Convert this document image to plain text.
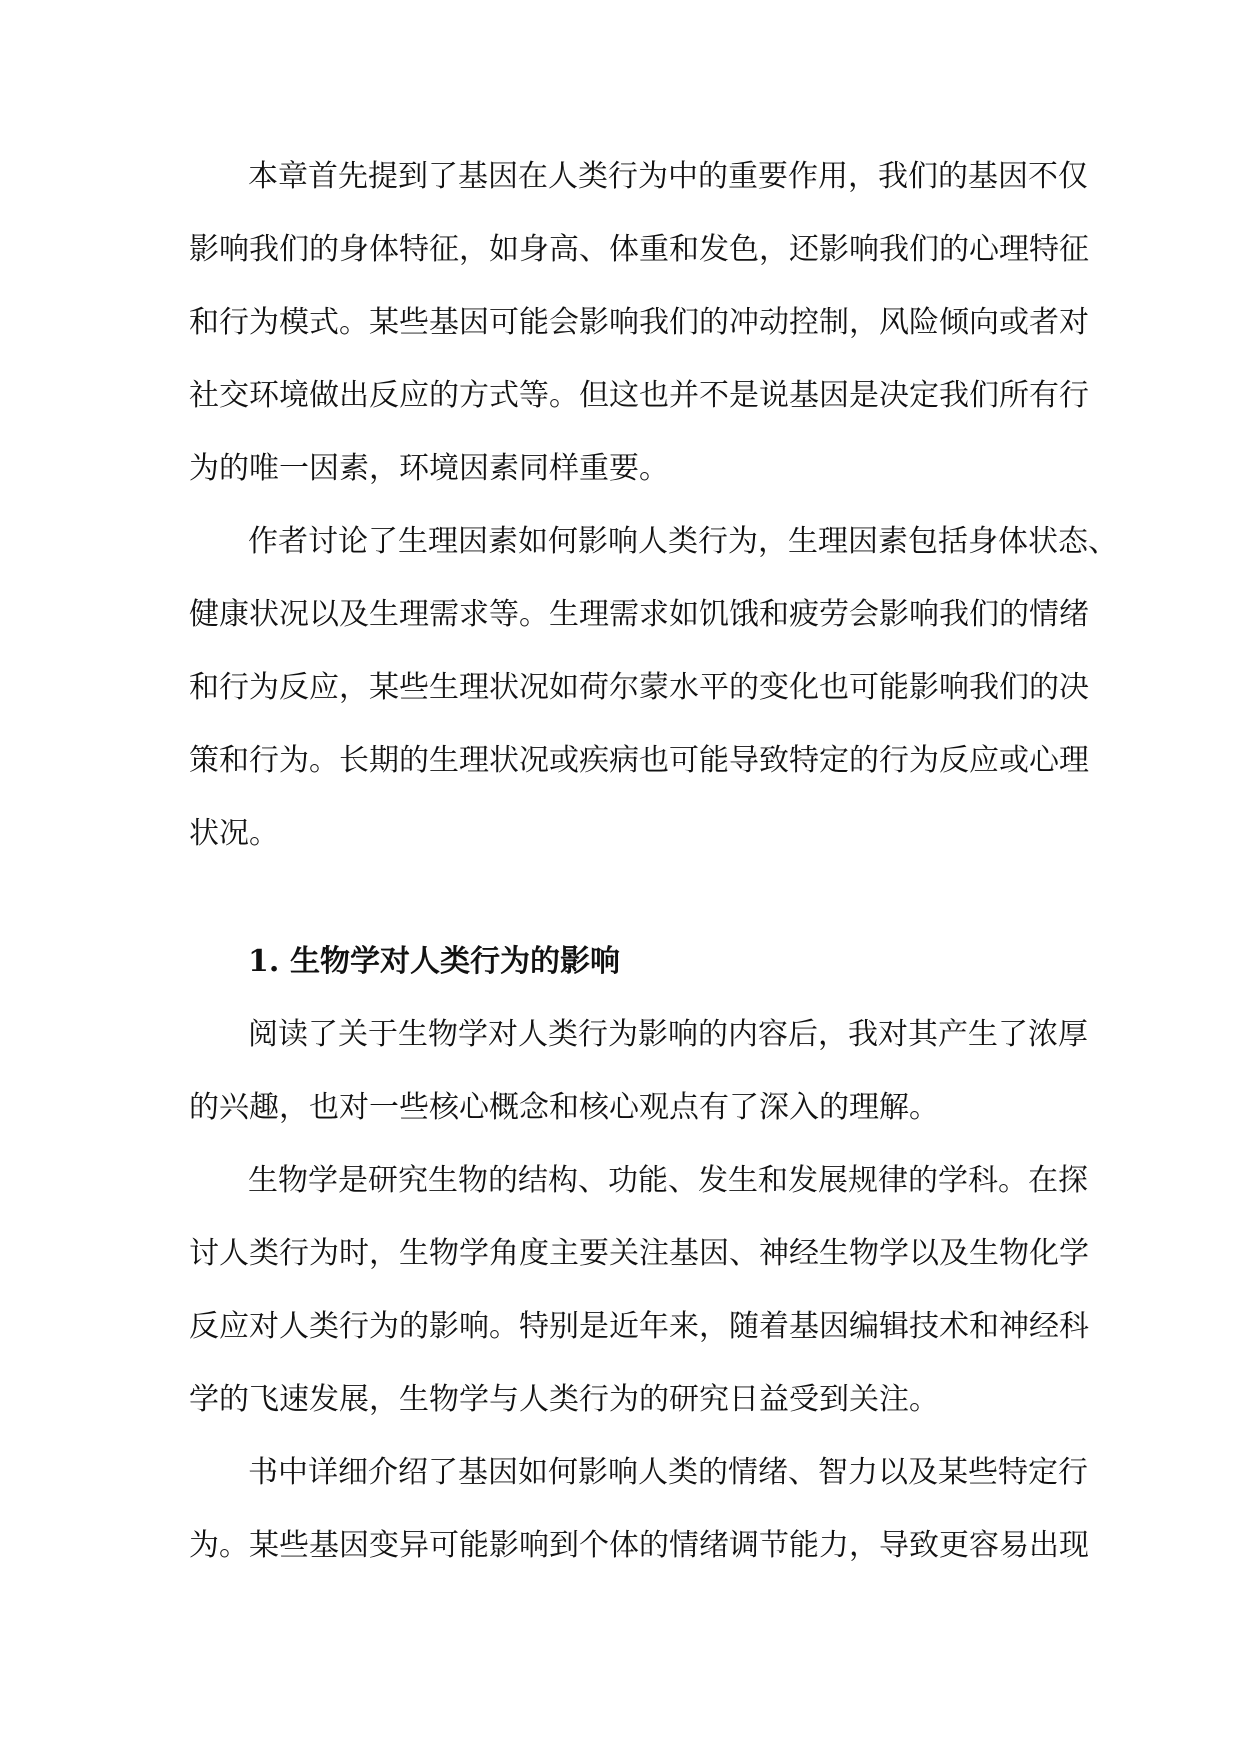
本章首先提到了基因在人类行为中的重要作用，我们的基因不仅
影响我们的身体特征，如身高、体重和发色，还影响我们的心理特征
和行为模式。某些基因可能会影响我们的冲动控制，风险倾向或者对
社交环境做出反应的方式等。但这也并不是说基因是决定我们所有行
为的唯一因素，环境因素同样重要。
作者讨论了生理因素如何影响人类行为，生理因素包括身体状态、
健康状况以及生理需求等。生理需求如饥饿和疲劳会影响我们的情绪
和行为反应，某些生理状况如荷尔蒙水平的变化也可能影响我们的决
策和行为。长期的生理状况或疾病也可能导致特定的行为反应或心理
状况。
1. 生物学对人类行为的影响
阅读了关于生物学对人类行为影响的内容后，我对其产生了浓厚
的兴趣，也对一些核心概念和核心观点有了深入的理解。
生物学是研究生物的结构、功能、发生和发展规律的学科。在探
讨人类行为时，生物学角度主要关注基因、神经生物学以及生物化学
反应对人类行为的影响。特别是近年来，随着基因编辑技术和神经科
学的飞速发展，生物学与人类行为的研究日益受到关注。
书中详细介绍了基因如何影响人类的情绪、智力以及某些特定行
为。某些基因变异可能影响到个体的情绪调节能力，导致更容易出现
